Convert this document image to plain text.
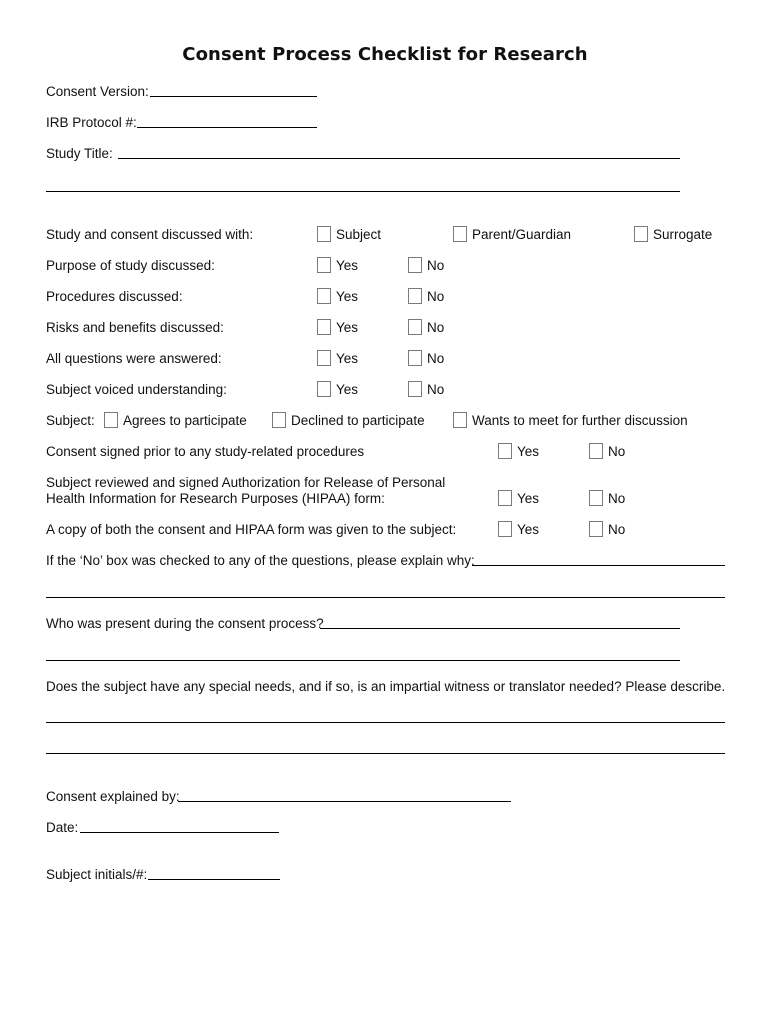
Consent Process Checklist for Research
Consent Version:
IRB Protocol #:
Study Title:
Study and consent discussed with:	Subject	Parent/Guardian	Surrogate
Purpose of study discussed:	Yes	No
Procedures discussed:	Yes	No
Risks and benefits discussed:	Yes	No
All questions were answered:	Yes	No
Subject voiced understanding:	Yes	No
Subject: Agrees to participate	Declined to participate	Wants to meet for further discussion
Consent signed prior to any study-related procedures	Yes	No
Subject reviewed and signed Authorization for Release of Personal
Health Information for Research Purposes (HIPAA) form:	Yes	No
A copy of both the consent and HIPAA form was given to the subject:	Yes	No
If the ‘No’ box was checked to any of the questions, please explain why:
Who was present during the consent process?
Does the subject have any special needs, and if so, is an impartial witness or translator needed? Please describe.
Consent explained by:
Date:
Subject initials/#:
